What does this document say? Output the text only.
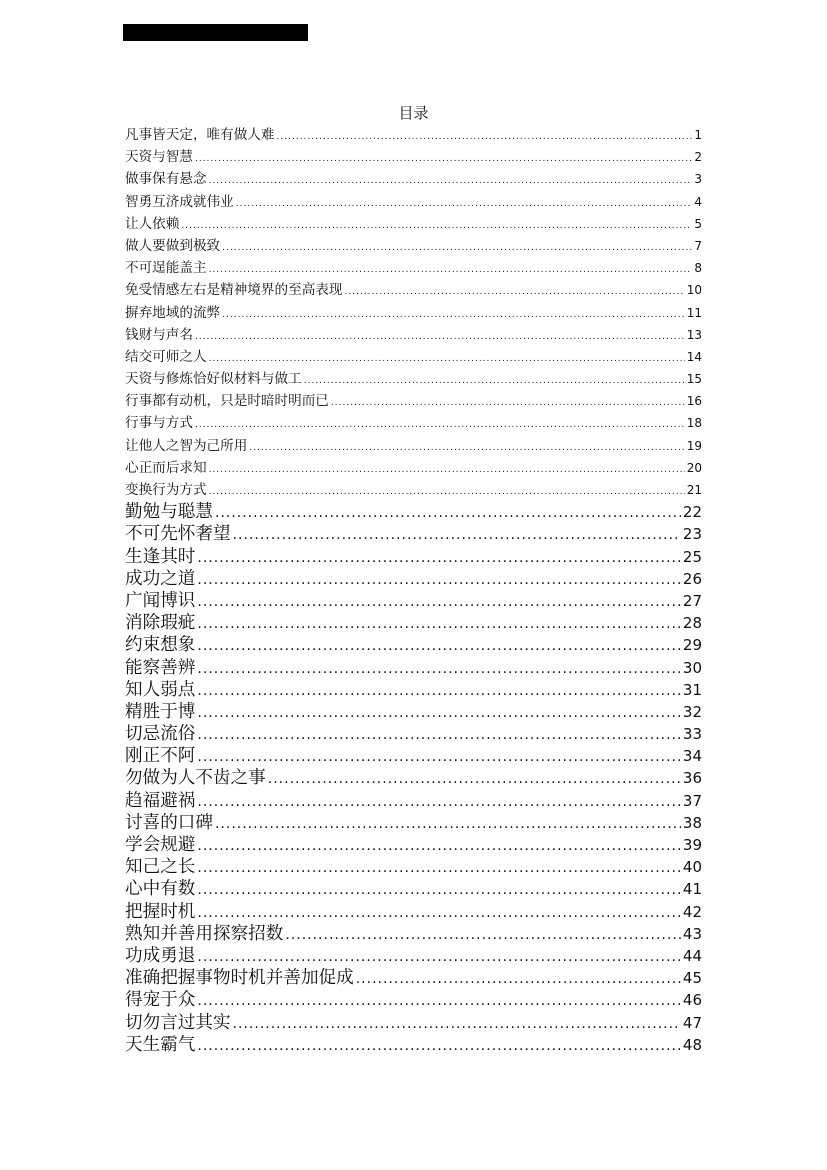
目录
凡事皆天定，唯有做人难 .....	1
天资与智慧 .....	2
做事保有悬念 .....	3
智勇互济成就伟业 .....	4
让人依赖 .....	5
做人要做到极致 .....	7
不可逞能盖主 .....	8
免受情感左右是精神境界的至高表现 .....	10
摒弃地域的流弊 .....	11
钱财与声名 .....	13
结交可师之人 .....	14
天资与修炼恰好似材料与做工 .....	15
行事都有动机，只是时暗时明而已 .....	16
行事与方式 .....	18
让他人之智为己所用 .....	19
心正而后求知 .....	20
变换行为方式 .....	21
勤勉与聪慧 .....	22
不可先怀奢望 .....	23
生逢其时 .....	25
成功之道 .....	26
广闻博识 .....	27
消除瑕疵 .....	28
约束想象 .....	29
能察善辨 .....	30
知人弱点 .....	31
精胜于博 .....	32
切忌流俗 .....	33
刚正不阿 .....	34
勿做为人不齿之事 .....	36
趋福避祸 .....	37
讨喜的口碑 .....	38
学会规避 .....	39
知己之长 .....	40
心中有数 .....	41
把握时机 .....	42
熟知并善用探察招数 .....	43
功成勇退 .....	44
准确把握事物时机并善加促成 .....	45
得宠于众 .....	46
切勿言过其实 .....	47
天生霸气 .....	48
